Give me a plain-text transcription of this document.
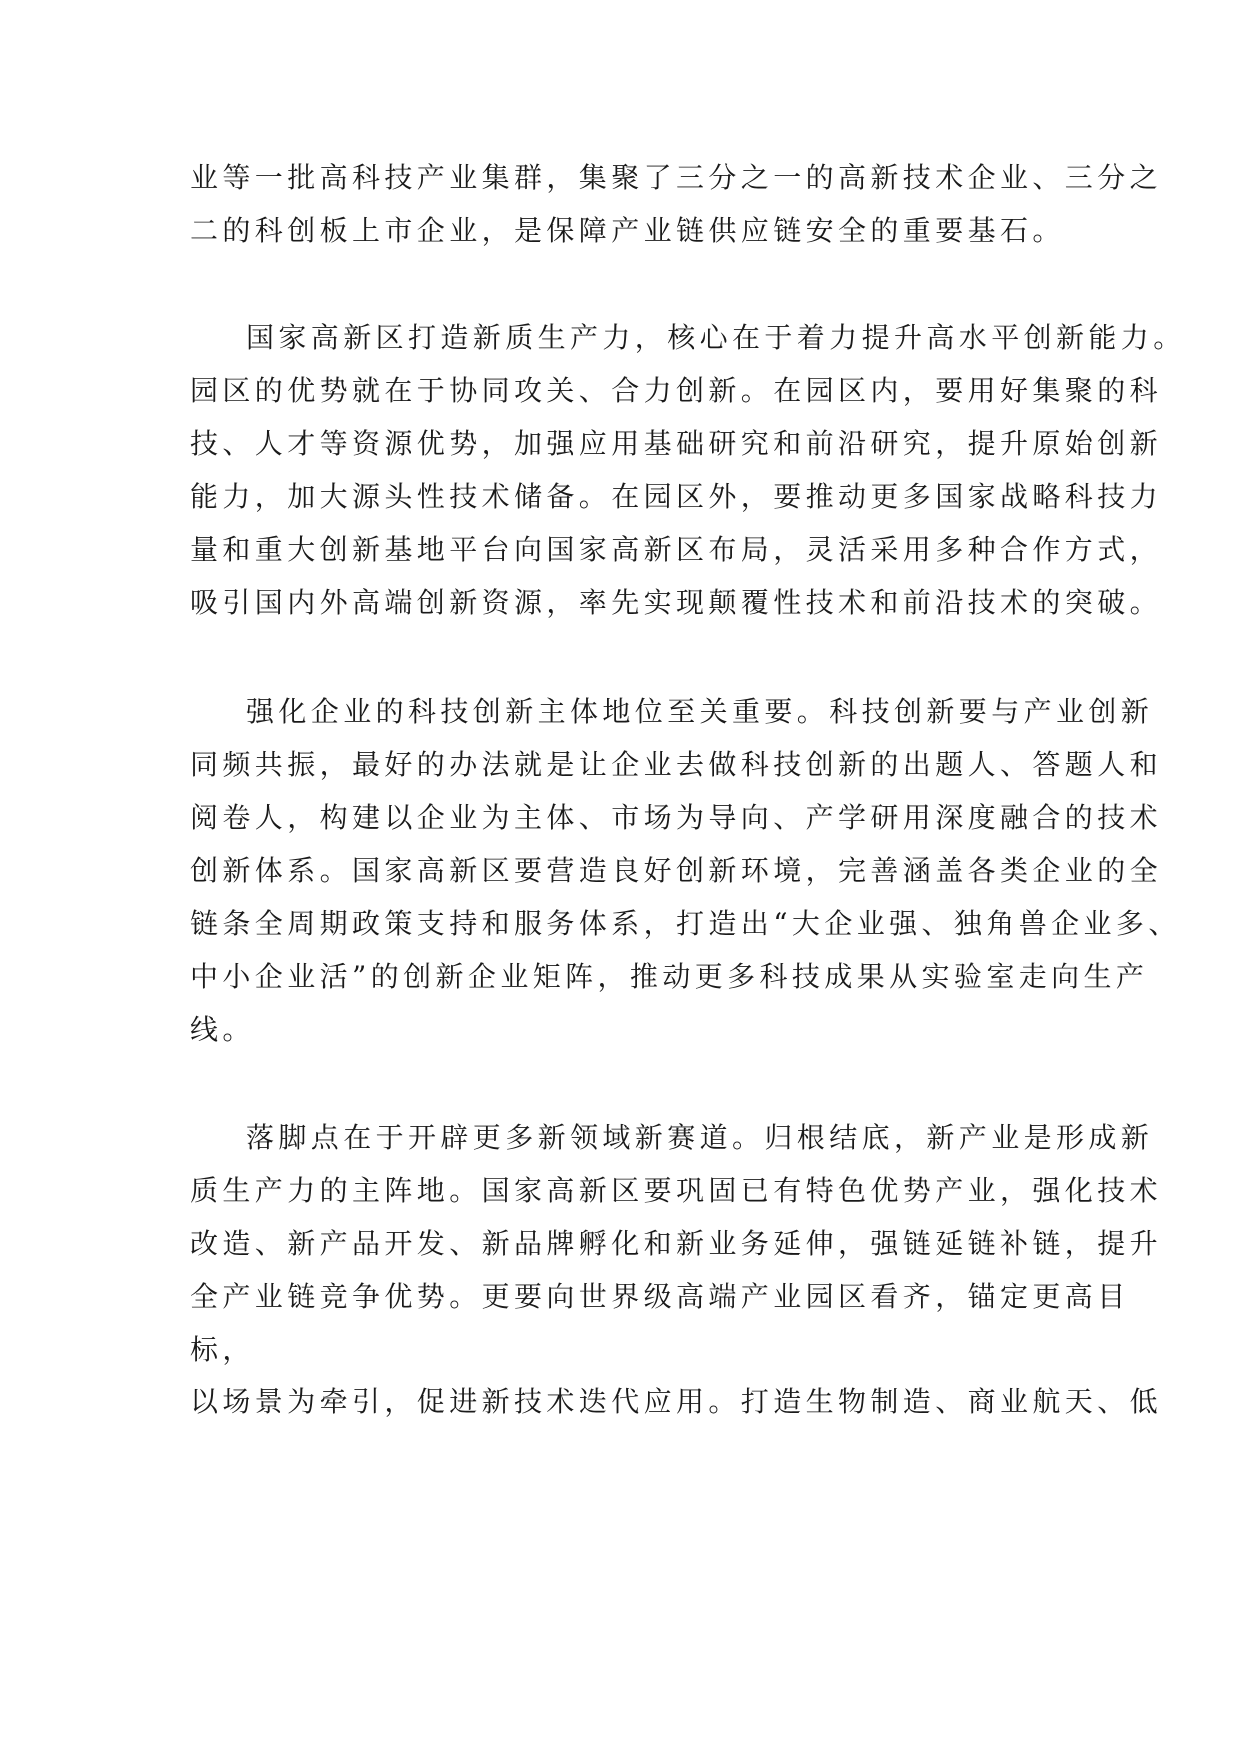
业等一批高科技产业集群，集聚了三分之一的高新技术企业、三分之
二的科创板上市企业，是保障产业链供应链安全的重要基石。
国家高新区打造新质生产力，核心在于着力提升高水平创新能力。
园区的优势就在于协同攻关、合力创新。在园区内，要用好集聚的科
技、人才等资源优势，加强应用基础研究和前沿研究，提升原始创新
能力，加大源头性技术储备。在园区外，要推动更多国家战略科技力
量和重大创新基地平台向国家高新区布局，灵活采用多种合作方式，
吸引国内外高端创新资源，率先实现颠覆性技术和前沿技术的突破。
强化企业的科技创新主体地位至关重要。科技创新要与产业创新
同频共振，最好的办法就是让企业去做科技创新的出题人、答题人和
阅卷人，构建以企业为主体、市场为导向、产学研用深度融合的技术
创新体系。国家高新区要营造良好创新环境，完善涵盖各类企业的全
链条全周期政策支持和服务体系，打造出“大企业强、独角兽企业多、
中小企业活”的创新企业矩阵，推动更多科技成果从实验室走向生产
线。
落脚点在于开辟更多新领域新赛道。归根结底，新产业是形成新
质生产力的主阵地。国家高新区要巩固已有特色优势产业，强化技术
改造、新产品开发、新品牌孵化和新业务延伸，强链延链补链，提升
全产业链竞争优势。更要向世界级高端产业园区看齐，锚定更高目
标，
以场景为牵引，促进新技术迭代应用。打造生物制造、商业航天、低
